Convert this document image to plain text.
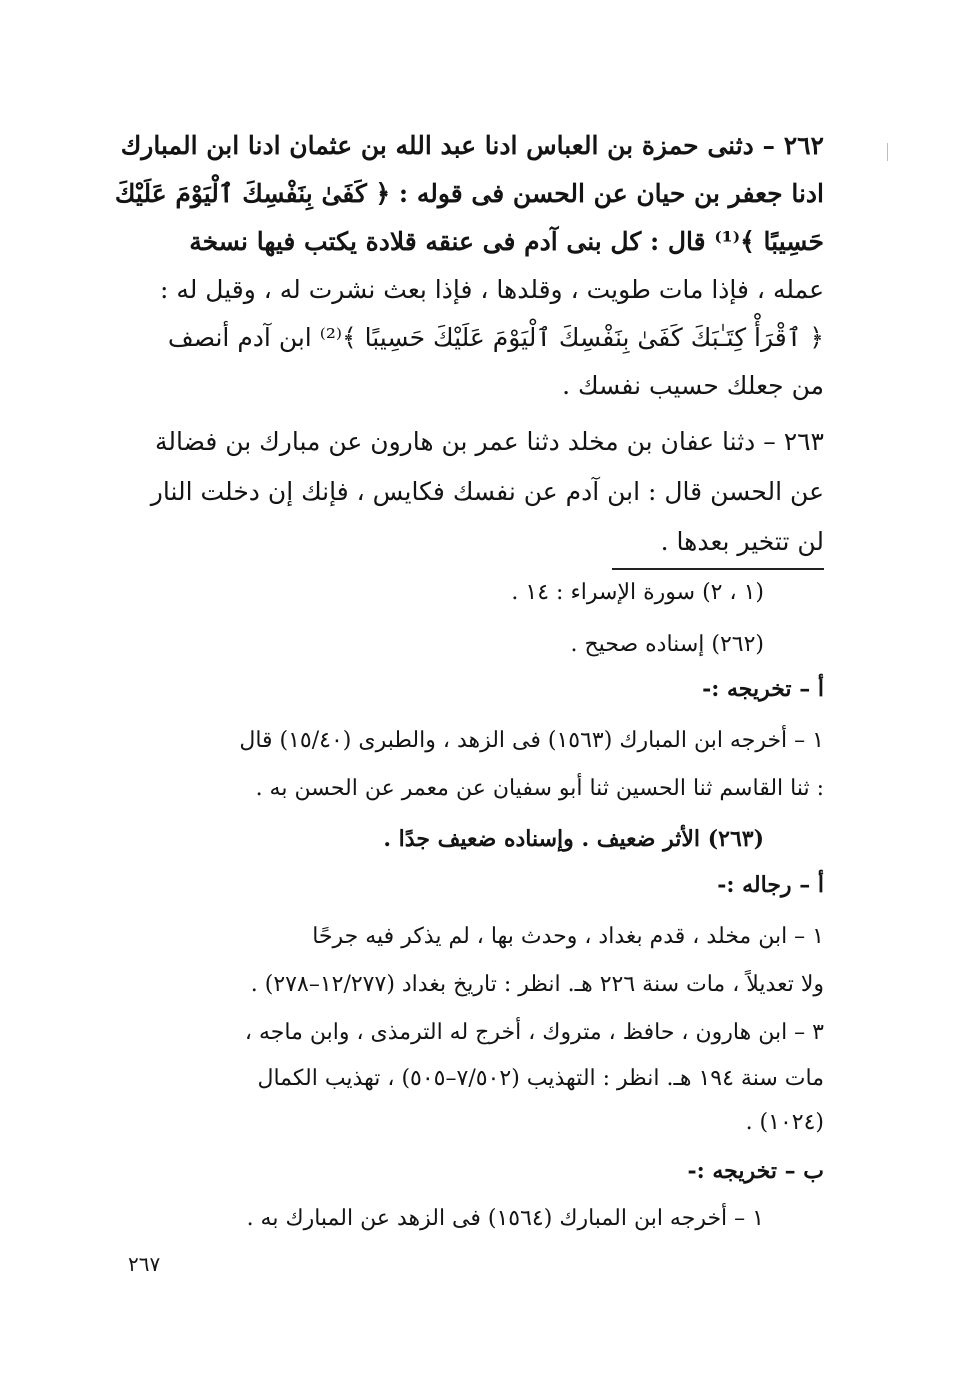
٢٦٢ – دثنى حمزة بن العباس ادنا عبد الله بن عثمان ادنا ابن المبارك
ادنا جعفر بن حيان عن الحسن فى قوله : ﴿ كَفَىٰ بِنَفْسِكَ ٱلْيَوْمَ عَلَيْكَ
حَسِيبًا ﴾⁽¹⁾ قال : كل بنى آدم فى عنقه قلادة يكتب فيها نسخة
عمله ، فإذا مات طويت ، وقلدها ، فإذا بعث نشرت له ، وقيل له :
﴿ ٱقْرَأْ كِتَـٰبَكَ كَفَىٰ بِنَفْسِكَ ٱلْيَوْمَ عَلَيْكَ حَسِيبًا ﴾⁽²⁾ ابن آدم أنصف
من جعلك حسيب نفسك .
٢٦٣ – دثنا عفان بن مخلد دثنا عمر بن هارون عن مبارك بن فضالة
عن الحسن قال : ابن آدم عن نفسك فكايس ، فإنك إن دخلت النار
لن تتخير بعدها .
(١ ، ٢) سورة الإسراء : ١٤ .
(٢٦٢) إسناده صحيح .
أ – تخريجه :-
١ – أخرجه ابن المبارك (١٥٦٣) فى الزهد ، والطبرى (١٥/٤٠) قال
: ثنا القاسم ثنا الحسين ثنا أبو سفيان عن معمر عن الحسن به .
(٢٦٣) الأثر ضعيف . وإسناده ضعيف جدًا .
أ – رجاله :-
١ – ابن مخلد ، قدم بغداد ، وحدث بها ، لم يذكر فيه جرحًا
ولا تعديلاً ، مات سنة ٢٢٦ هـ. انظر : تاريخ بغداد (١٢/٢٧٧–٢٧٨) .
٣ – ابن هارون ، حافظ ، متروك ، أخرج له الترمذى ، وابن ماجه ،
مات سنة ١٩٤ هـ. انظر : التهذيب (٧/٥٠٢–٥٠٥) ، تهذيب الكمال
(١٠٢٤) .
ب – تخريجه :-
١ – أخرجه ابن المبارك (١٥٦٤) فى الزهد عن المبارك به .
٢٦٧
